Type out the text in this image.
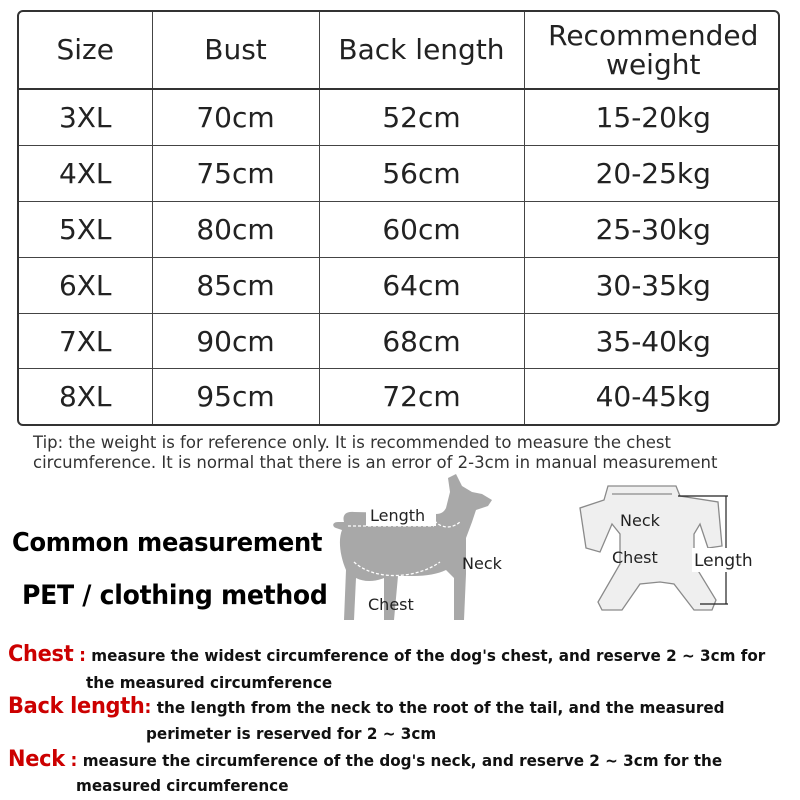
Size	Bust	Back length	Recommended weight
3XL	70cm	52cm	15-20kg
4XL	75cm	56cm	20-25kg
5XL	80cm	60cm	25-30kg
6XL	85cm	64cm	30-35kg
7XL	90cm	68cm	35-40kg
8XL	95cm	72cm	40-45kg
Tip: the weight is for reference only. It is recommended to measure the chest
circumference. It is normal that there is an error of 2-3cm in manual measurement
Common measurement
PET / clothing method
Length
Neck
Chest
Neck
Chest Length
Chest : measure the widest circumference of the dog's chest, and reserve 2 ~ 3cm for
the measured circumference
Back length: the length from the neck to the root of the tail, and the measured
perimeter is reserved for 2 ~ 3cm
Neck : measure the circumference of the dog's neck, and reserve 2 ~ 3cm for the
measured circumference
